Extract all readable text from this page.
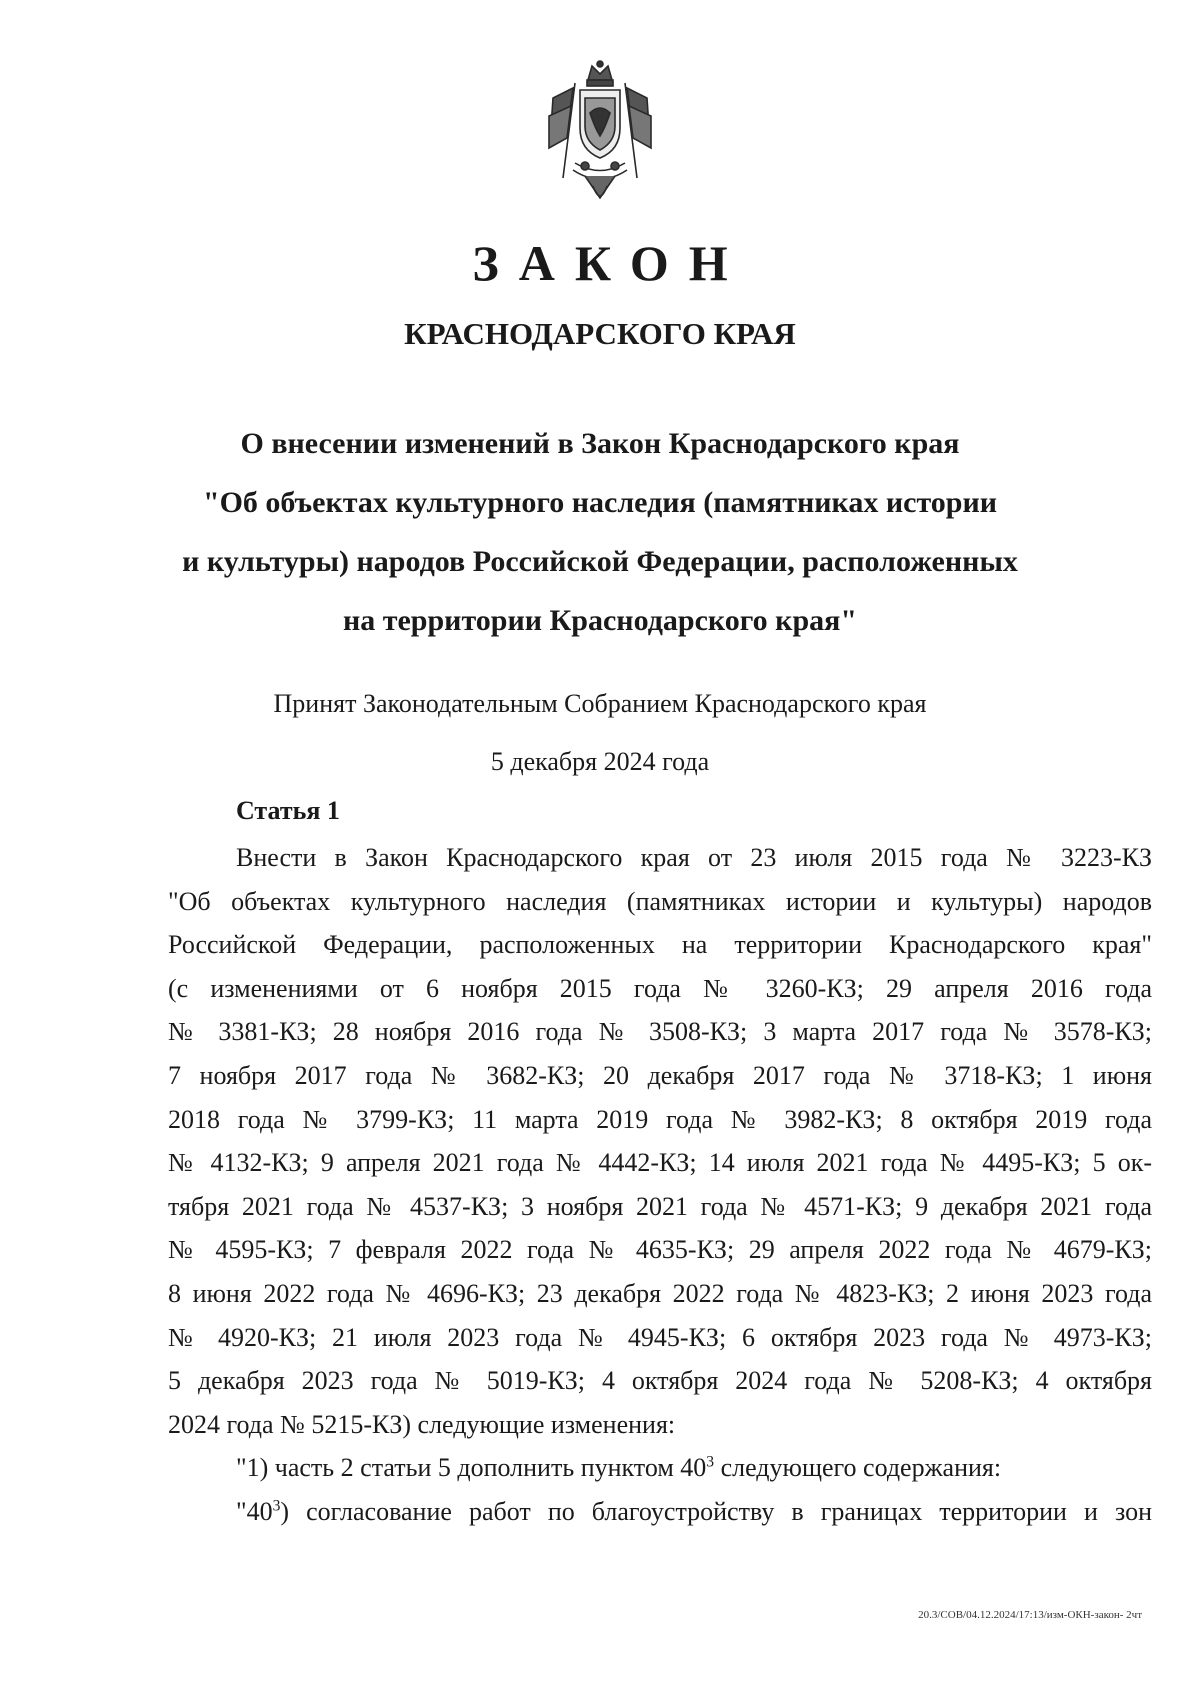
ЗАКОН
КРАСНОДАРСКОГО КРАЯ
О внесении изменений в Закон Краснодарского края
"Об объектах культурного наследия (памятниках истории
и культуры) народов Российской Федерации, расположенных
на территории Краснодарского края"
Принят Законодательным Собранием Краснодарского края
5 декабря 2024 года
Статья 1
Внести в Закон Краснодарского края от 23 июля 2015 года № 3223-КЗ
"Об объектах культурного наследия (памятниках истории и культуры) народов
Российской Федерации, расположенных на территории Краснодарского края"
(с изменениями от 6 ноября 2015 года № 3260-КЗ; 29 апреля 2016 года
№ 3381-КЗ; 28 ноября 2016 года № 3508-КЗ; 3 марта 2017 года № 3578-КЗ;
7 ноября 2017 года № 3682-КЗ; 20 декабря 2017 года № 3718-КЗ; 1 июня
2018 года № 3799-КЗ; 11 марта 2019 года № 3982-КЗ; 8 октября 2019 года
№ 4132-КЗ; 9 апреля 2021 года № 4442-КЗ; 14 июля 2021 года № 4495-КЗ; 5 ок-
тября 2021 года № 4537-КЗ; 3 ноября 2021 года № 4571-КЗ; 9 декабря 2021 года
№ 4595-КЗ; 7 февраля 2022 года № 4635-КЗ; 29 апреля 2022 года № 4679-КЗ;
8 июня 2022 года № 4696-КЗ; 23 декабря 2022 года № 4823-КЗ; 2 июня 2023 года
№ 4920-КЗ; 21 июля 2023 года № 4945-КЗ; 6 октября 2023 года № 4973-КЗ;
5 декабря 2023 года № 5019-КЗ; 4 октября 2024 года № 5208-КЗ; 4 октября
2024 года № 5215-КЗ) следующие изменения:
"1) часть 2 статьи 5 дополнить пунктом $40^3$ следующего содержания:
"$40^3$) согласование работ по благоустройству в границах территории и зон
20.3/СОВ/04.12.2024/17:13/изм-ОКН-закон- 2чт
